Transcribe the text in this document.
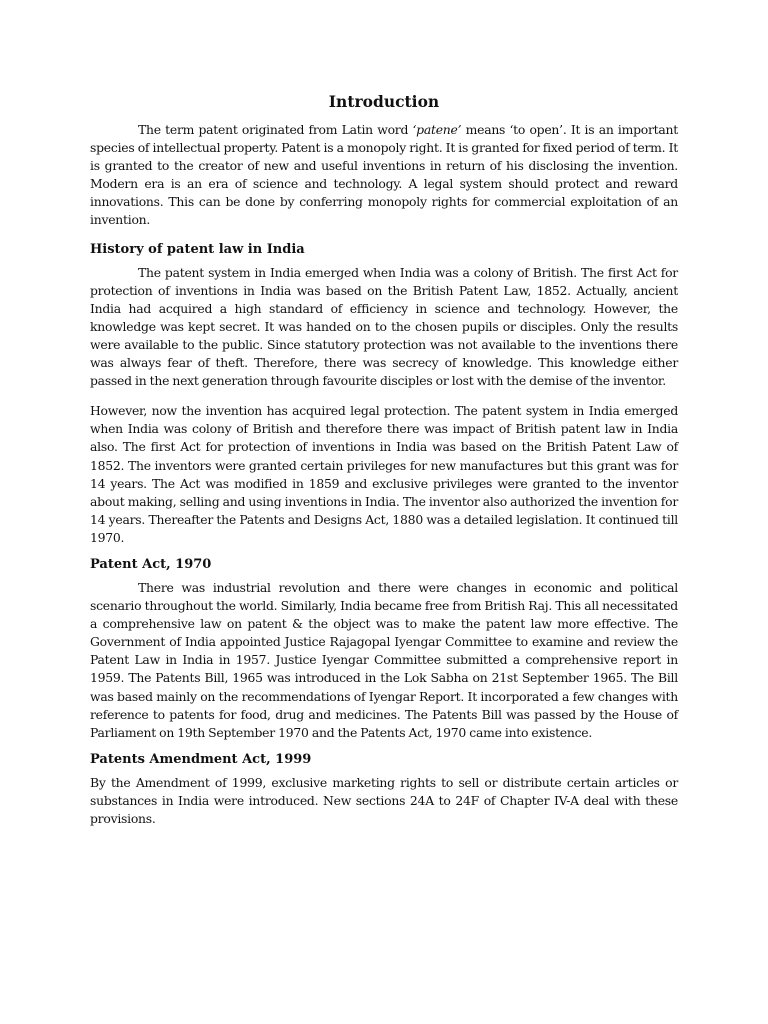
Introduction

The term patent originated from Latin word ‘patene’ means ‘to open’. It is an important species of intellectual property. Patent is a monopoly right. It is granted for fixed period of term. It is granted to the creator of new and useful inventions in return of his disclosing the invention. Modern era is an era of science and technology. A legal system should protect and reward innovations. This can be done by conferring monopoly rights for commercial exploitation of an invention.

History of patent law in India

The patent system in India emerged when India was a colony of British. The first Act for protection of inventions in India was based on the British Patent Law, 1852. Actually, ancient India had acquired a high standard of efficiency in science and technology. However, the knowledge was kept secret. It was handed on to the chosen pupils or disciples. Only the results were available to the public. Since statutory protection was not available to the inventions there was always fear of theft. Therefore, there was secrecy of knowledge. This knowledge either passed in the next generation through favourite disciples or lost with the demise of the inventor.

However, now the invention has acquired legal protection. The patent system in India emerged when India was colony of British and therefore there was impact of British patent law in India also. The first Act for protection of inventions in India was based on the British Patent Law of 1852. The inventors were granted certain privileges for new manufactures but this grant was for 14 years. The Act was modified in 1859 and exclusive privileges were granted to the inventor about making, selling and using inventions in India. The inventor also authorized the invention for 14 years. Thereafter the Patents and Designs Act, 1880 was a detailed legislation. It continued till 1970.

Patent Act, 1970

There was industrial revolution and there were changes in economic and political scenario throughout the world. Similarly, India became free from British Raj. This all necessitated a comprehensive law on patent & the object was to make the patent law more effective. The Government of India appointed Justice Rajagopal Iyengar Committee to examine and review the Patent Law in India in 1957. Justice Iyengar Committee submitted a comprehensive report in 1959. The Patents Bill, 1965 was introduced in the Lok Sabha on 21st September 1965. The Bill was based mainly on the recommendations of Iyengar Report. It incorporated a few changes with reference to patents for food, drug and medicines. The Patents Bill was passed by the House of Parliament on 19th September 1970 and the Patents Act, 1970 came into existence.

Patents Amendment Act, 1999

By the Amendment of 1999, exclusive marketing rights to sell or distribute certain articles or substances in India were introduced. New sections 24A to 24F of Chapter IV-A deal with these provisions.
